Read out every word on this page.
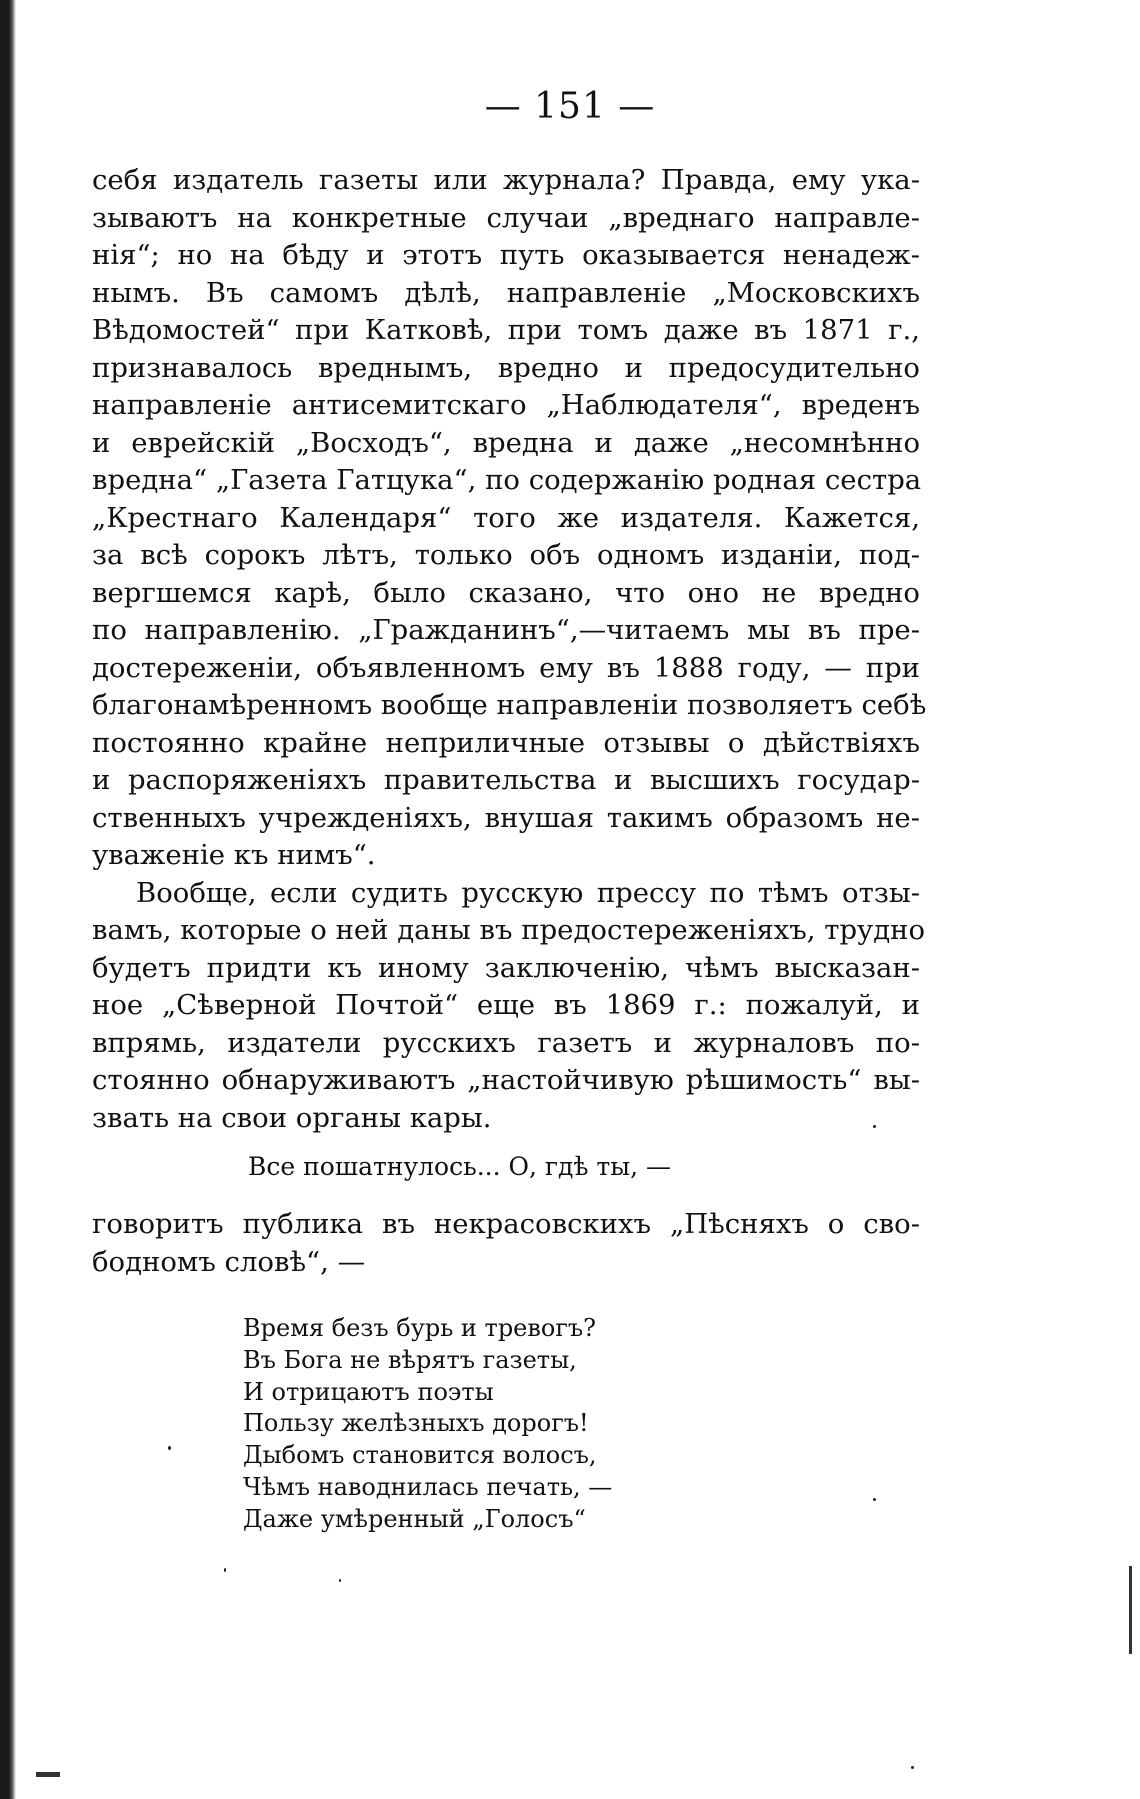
— 151 —
себя издатель газеты или журнала? Правда, ему ука-
зываютъ на конкретные случаи „вреднаго направле-
нія“; но на бѣду и этотъ путь оказывается ненадеж-
нымъ. Въ самомъ дѣлѣ, направленіе „Московскихъ
Вѣдомостей“ при Катковѣ, при томъ даже въ 1871 г.,
признавалось вреднымъ, вредно и предосудительно
направленіе антисемитскаго „Наблюдателя“, вреденъ
и еврейскій „Восходъ“, вредна и даже „несомнѣнно
вредна“ „Газета Гатцука“, по содержанію родная сестра
„Крестнаго Календаря“ того же издателя. Кажется,
за всѣ сорокъ лѣтъ, только объ одномъ изданіи, под-
вергшемся карѣ, было сказано, что оно не вредно
по направленію. „Гражданинъ“,—читаемъ мы въ пре-
достереженіи, объявленномъ ему въ 1888 году, — при
благонамѣренномъ вообще направленіи позволяетъ себѣ
постоянно крайне неприличные отзывы о дѣйствіяхъ
и распоряженіяхъ правительства и высшихъ государ-
ственныхъ учрежденіяхъ, внушая такимъ образомъ не-
уваженіе къ нимъ“.
Вообще, если судить русскую прессу по тѣмъ отзы-
вамъ, которые о ней даны въ предостереженіяхъ, трудно
будетъ придти къ иному заключенію, чѣмъ высказан-
ное „Сѣверной Почтой“ еще въ 1869 г.: пожалуй, и
впрямь, издатели русскихъ газетъ и журналовъ по-
стоянно обнаруживаютъ „настойчивую рѣшимость“ вы-
звать на свои органы кары.
Все пошатнулось... О, гдѣ ты, —
говоритъ публика въ некрасовскихъ „Пѣсняхъ о сво-
бодномъ словѣ“, —
Время безъ бурь и тревогъ?
Въ Бога не вѣрятъ газеты,
И отрицаютъ поэты
Пользу желѣзныхъ дорогъ!
Дыбомъ становится волосъ,
Чѣмъ наводнилась печать, —
Даже умѣренный „Голосъ“
